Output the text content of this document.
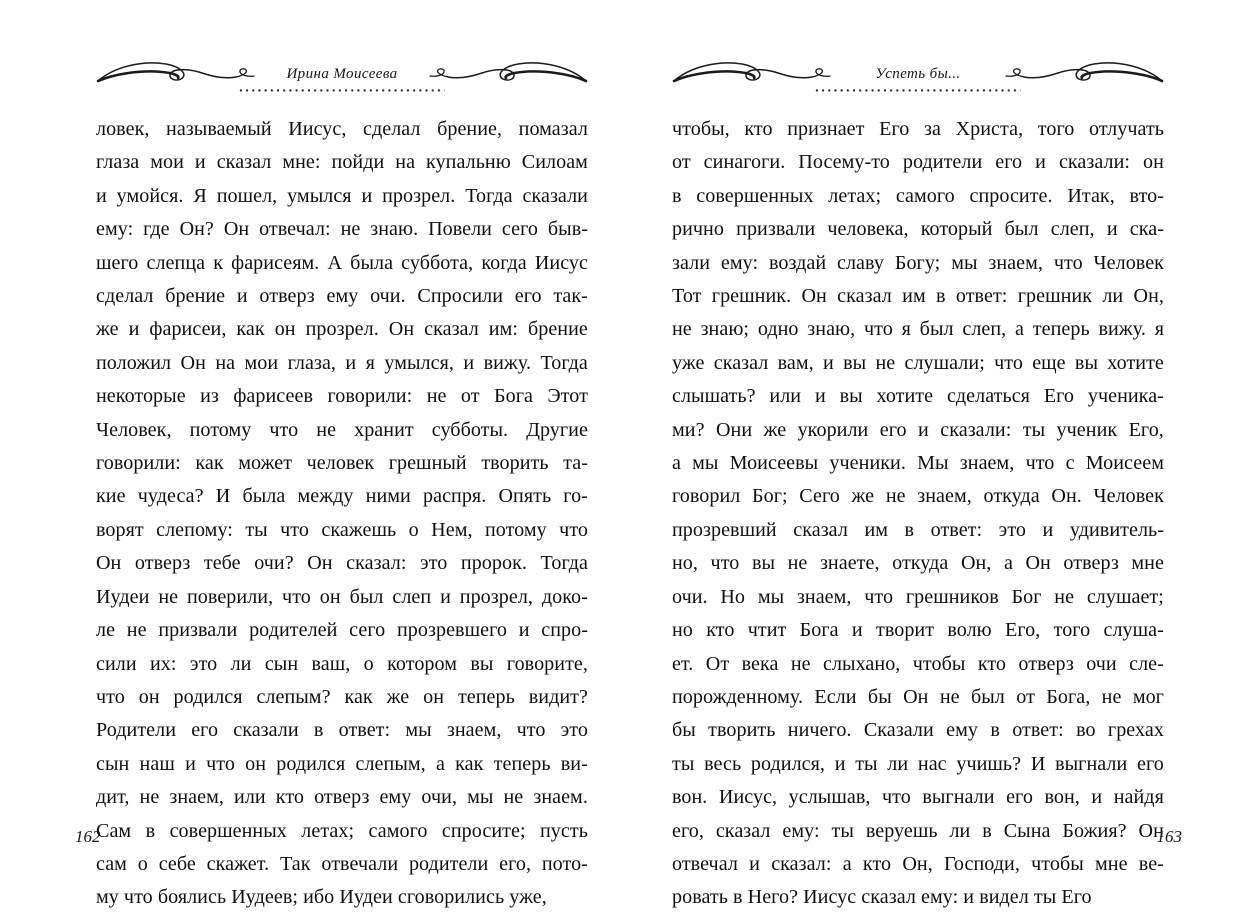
Ирина Моисеева

ловек, называемый Иисус, сделал брение, помазал
глаза мои и сказал мне: пойди на купальню Силоам
и умойся. Я пошел, умылся и прозрел. Тогда сказали
ему: где Он? Он отвечал: не знаю. Повели сего быв-
шего слепца к фарисеям. А была суббота, когда Иисус
сделал брение и отверз ему очи. Спросили его так-
же и фарисеи, как он прозрел. Он сказал им: брение
положил Он на мои глаза, и я умылся, и вижу. Тогда
некоторые из фарисеев говорили: не от Бога Этот
Человек, потому что не хранит субботы. Другие
говорили: как может человек грешный творить та-
кие чудеса? И была между ними распря. Опять го-
ворят слепому: ты что скажешь о Нем, потому что
Он отверз тебе очи? Он сказал: это пророк. Тогда
Иудеи не поверили, что он был слеп и прозрел, доко-
ле не призвали родителей сего прозревшего и спро-
сили их: это ли сын ваш, о котором вы говорите,
что он родился слепым? как же он теперь видит?
Родители его сказали в ответ: мы знаем, что это
сын наш и что он родился слепым, а как теперь ви-
дит, не знаем, или кто отверз ему очи, мы не знаем.
Сам в совершенных летах; самого спросите; пусть
сам о себе скажет. Так отвечали родители его, пото-
му что боялись Иудеев; ибо Иудеи сговорились уже,

162
Успеть бы...

чтобы, кто признает Его за Христа, того отлучать
от синагоги. Посему-то родители его и сказали: он
в совершенных летах; самого спросите. Итак, вто-
рично призвали человека, который был слеп, и ска-
зали ему: воздай славу Богу; мы знаем, что Человек
Тот грешник. Он сказал им в ответ: грешник ли Он,
не знаю; одно знаю, что я был слеп, а теперь вижу. я
уже сказал вам, и вы не слушали; что еще вы хотите
слышать? или и вы хотите сделаться Его ученика-
ми? Они же укорили его и сказали: ты ученик Его,
а мы Моисеевы ученики. Мы знаем, что с Моисеем
говорил Бог; Сего же не знаем, откуда Он. Человек
прозревший сказал им в ответ: это и удивитель-
но, что вы не знаете, откуда Он, а Он отверз мне
очи. Но мы знаем, что грешников Бог не слушает;
но кто чтит Бога и творит волю Его, того слуша-
ет. От века не слыхано, чтобы кто отверз очи сле-
порожденному. Если бы Он не был от Бога, не мог
бы творить ничего. Сказали ему в ответ: во грехах
ты весь родился, и ты ли нас учишь? И выгнали его
вон. Иисус, услышав, что выгнали его вон, и найдя
его, сказал ему: ты веруешь ли в Сына Божия? Он
отвечал и сказал: а кто Он, Господи, чтобы мне ве-
ровать в Него? Иисус сказал ему: и видел ты Его

163
